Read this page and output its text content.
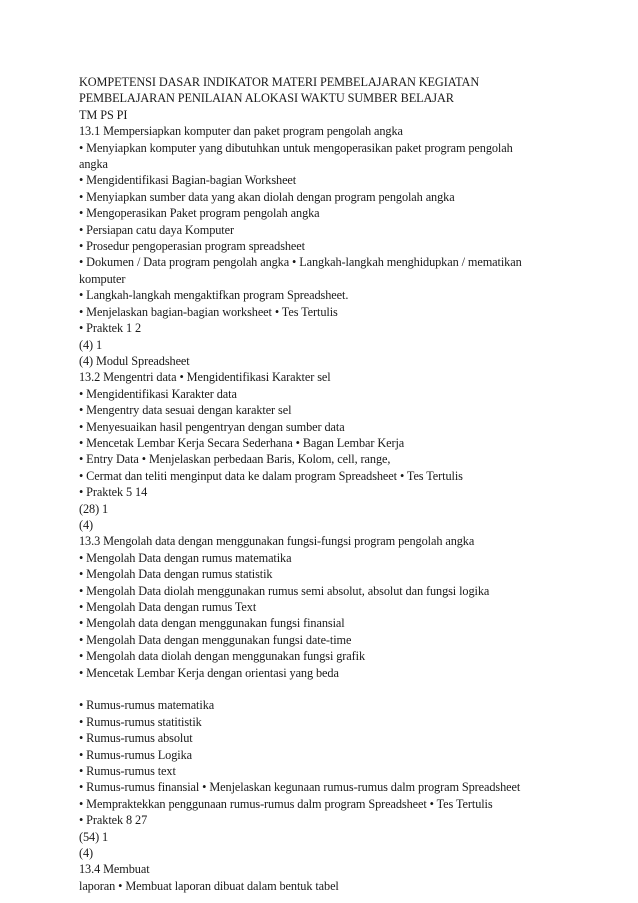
KOMPETENSI DASAR INDIKATOR MATERI PEMBELAJARAN KEGIATAN
PEMBELAJARAN PENILAIAN ALOKASI WAKTU SUMBER BELAJAR
TM PS PI
13.1 Mempersiapkan komputer dan paket program pengolah angka
• Menyiapkan komputer yang dibutuhkan untuk mengoperasikan paket program pengolah
angka
• Mengidentifikasi Bagian-bagian Worksheet
• Menyiapkan sumber data yang akan diolah dengan program pengolah angka
• Mengoperasikan Paket program pengolah angka
• Persiapan catu daya Komputer
• Prosedur pengoperasian program spreadsheet
• Dokumen / Data program pengolah angka • Langkah-langkah menghidupkan / mematikan
komputer
• Langkah-langkah mengaktifkan program Spreadsheet.
• Menjelaskan bagian-bagian worksheet • Tes Tertulis
• Praktek 1 2
(4) 1
(4) Modul Spreadsheet
13.2 Mengentri data • Mengidentifikasi Karakter sel
• Mengidentifikasi Karakter data
• Mengentry data sesuai dengan karakter sel
• Menyesuaikan hasil pengentryan dengan sumber data
• Mencetak Lembar Kerja Secara Sederhana • Bagan Lembar Kerja
• Entry Data • Menjelaskan perbedaan Baris, Kolom, cell, range,
• Cermat dan teliti menginput data ke dalam program Spreadsheet • Tes Tertulis
• Praktek 5 14
(28) 1
(4)
13.3 Mengolah data dengan menggunakan fungsi-fungsi program pengolah angka
• Mengolah Data dengan rumus matematika
• Mengolah Data dengan rumus statistik
• Mengolah Data diolah menggunakan rumus semi absolut, absolut dan fungsi logika
• Mengolah Data dengan rumus Text
• Mengolah data dengan menggunakan fungsi finansial
• Mengolah Data dengan menggunakan fungsi date-time
• Mengolah data diolah dengan menggunakan fungsi grafik
• Mencetak Lembar Kerja dengan orientasi yang beda
• Rumus-rumus matematika
• Rumus-rumus statitistik
• Rumus-rumus absolut
• Rumus-rumus Logika
• Rumus-rumus text
• Rumus-rumus finansial • Menjelaskan kegunaan rumus-rumus dalm program Spreadsheet
• Mempraktekkan penggunaan rumus-rumus dalm program Spreadsheet • Tes Tertulis
• Praktek 8 27
(54) 1
(4)
13.4 Membuat
laporan • Membuat laporan dibuat dalam bentuk tabel
